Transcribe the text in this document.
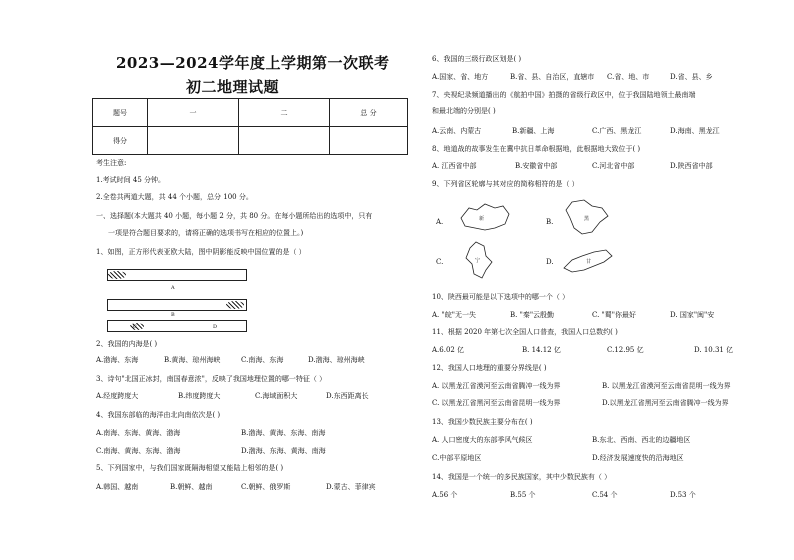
2023—2024学年度上学期第一次联考
初二地理试题
题号	一	二	总 分
得分			
考生注意:
1.考试时间 45 分钟。
2.全卷共两道大题，共 44 个小题，总分 100 分。
一、选择题(本大题共 40 小题，每小题 2 分，共 80 分。在每小题所给出的选项中，只有
一项是符合题目要求的，请将正确的选项书写在相应的位置上。)
1、如图，正方形代表亚欧大陆，图中阴影能反映中国位置的是（ ）
A
B
C	D
2、我国的内海是( )
A.渤海、东海	B.黄海、琼州海峡	C.南海、东海	D.渤海、琼州海峡
3、诗句"北国正冰封，南国春意浓"，反映了我国地理位置的哪一特征（ ）
A.经度跨度大	B.纬度跨度大	C.海域面积大	D.东西距离长
4、我国东部临的海洋由北向南依次是( )
A.南海、东海、黄海、渤海	B.渤海、黄海、东海、南海
C.南海、黄海、东海、渤海	D.渤海、东海、黄海、南海
5、下列国家中，与我们国家既隔海相望又能陆上相邻的是( )
A.韩国、越南	B.朝鲜、越南	C.朝鲜、俄罗斯	D.蒙古、菲律宾
6、我国的三级行政区划是( )
A.国家、省、地方	B.省、县、自治区，直辖市 C.省、地、市	D.省、县、乡
7、央视纪录频道播出的《航拍中国》拍摄的省级行政区中，位于我国陆地领土最南端
和最北端的分别是( )
A.云南、内蒙古	B.新疆、上海	C.广西、黑龙江	D.海南、黑龙江
8、地道战的故事发生在冀中抗日革命根据地，此根据地大致位于( )
A. 江西省中部	B.安徽省中部	C.河北省中部	D.陕西省中部
9、下列省区轮廓与其对应的简称相符的是（ ）
A.	新	B.	黑
C.	宁	D.	甘
10、陕西最可能是以下选项中的哪一个（ ）
A. "皖"无一失	B. "秦"云殷勤	C. "蜀"你最好	D. 国家"闽"安
11、根据 2020 年第七次全国人口普查，我国人口总数约( )
A.6.02 亿	B. 14.12 亿	C.12.95 亿	D. 10.31 亿
12、我国人口地理的重要分界线是( )
A. 以黑龙江省漠河至云南省腾冲一线为界	B. 以黑龙江省漠河至云南省昆明一线为界
C. 以黑龙江省黑河至云南省昆明一线为界	D.以黑龙江省黑河至云南省腾冲一线为界
13、我国少数民族主要分布在( )
A. 人口密度大的东部季风气候区	B.东北、西南、西北的边疆地区
C.中部平原地区	D.经济发展速度快的沿海地区
14、我国是一个统一的多民族国家，其中少数民族有（ ）
A.56 个	B.55 个	C.54 个	D.53 个
